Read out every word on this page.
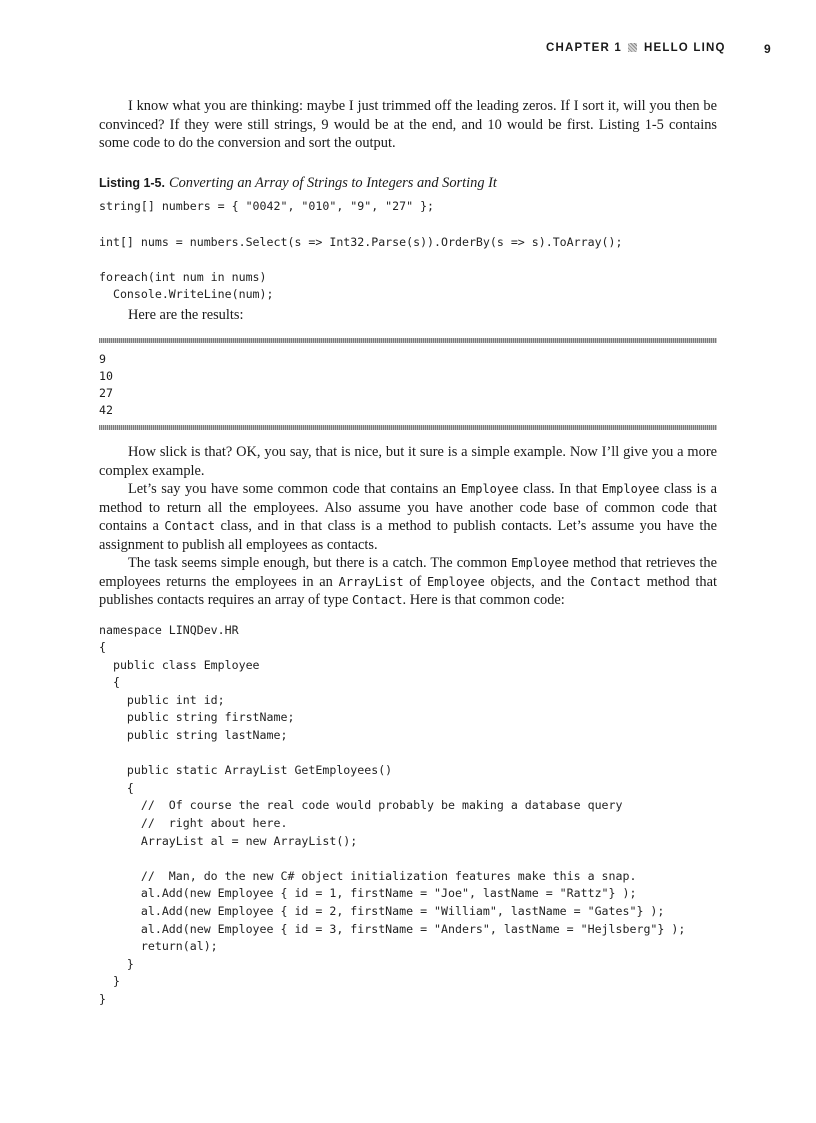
CHAPTER 1 HELLO LINQ	9

I know what you are thinking: maybe I just trimmed off the leading zeros. If I sort it, will you then be convinced? If they were still strings, 9 would be at the end, and 10 would be first. Listing 1-5 contains some code to do the conversion and sort the output.

Listing 1-5. Converting an Array of Strings to Integers and Sorting It

string[] numbers = { "0042", "010", "9", "27" };
int[] nums = numbers.Select(s => Int32.Parse(s)).OrderBy(s => s).ToArray();
foreach(int num in nums)
Console.WriteLine(num);

Here are the results:

9
10
27
42

How slick is that? OK, you say, that is nice, but it sure is a simple example. Now I’ll give you a more complex example.

Let’s say you have some common code that contains an Employee class. In that Employee class is a method to return all the employees. Also assume you have another code base of common code that contains a Contact class, and in that class is a method to publish contacts. Let’s assume you have the assignment to publish all employees as contacts.

The task seems simple enough, but there is a catch. The common Employee method that retrieves the employees returns the employees in an ArrayList of Employee objects, and the Contact method that publishes contacts requires an array of type Contact. Here is that common code:

namespace LINQDev.HR
{
public class Employee
{
public int id;
public string firstName;
public string lastName;

public static ArrayList GetEmployees()
{
//  Of course the real code would probably be making a database query
//  right about here.
ArrayList al = new ArrayList();

//  Man, do the new C# object initialization features make this a snap.
al.Add(new Employee { id = 1, firstName = "Joe", lastName = "Rattz"} );
al.Add(new Employee { id = 2, firstName = "William", lastName = "Gates"} );
al.Add(new Employee { id = 3, firstName = "Anders", lastName = "Hejlsberg"} );
return(al);
}
}
}
